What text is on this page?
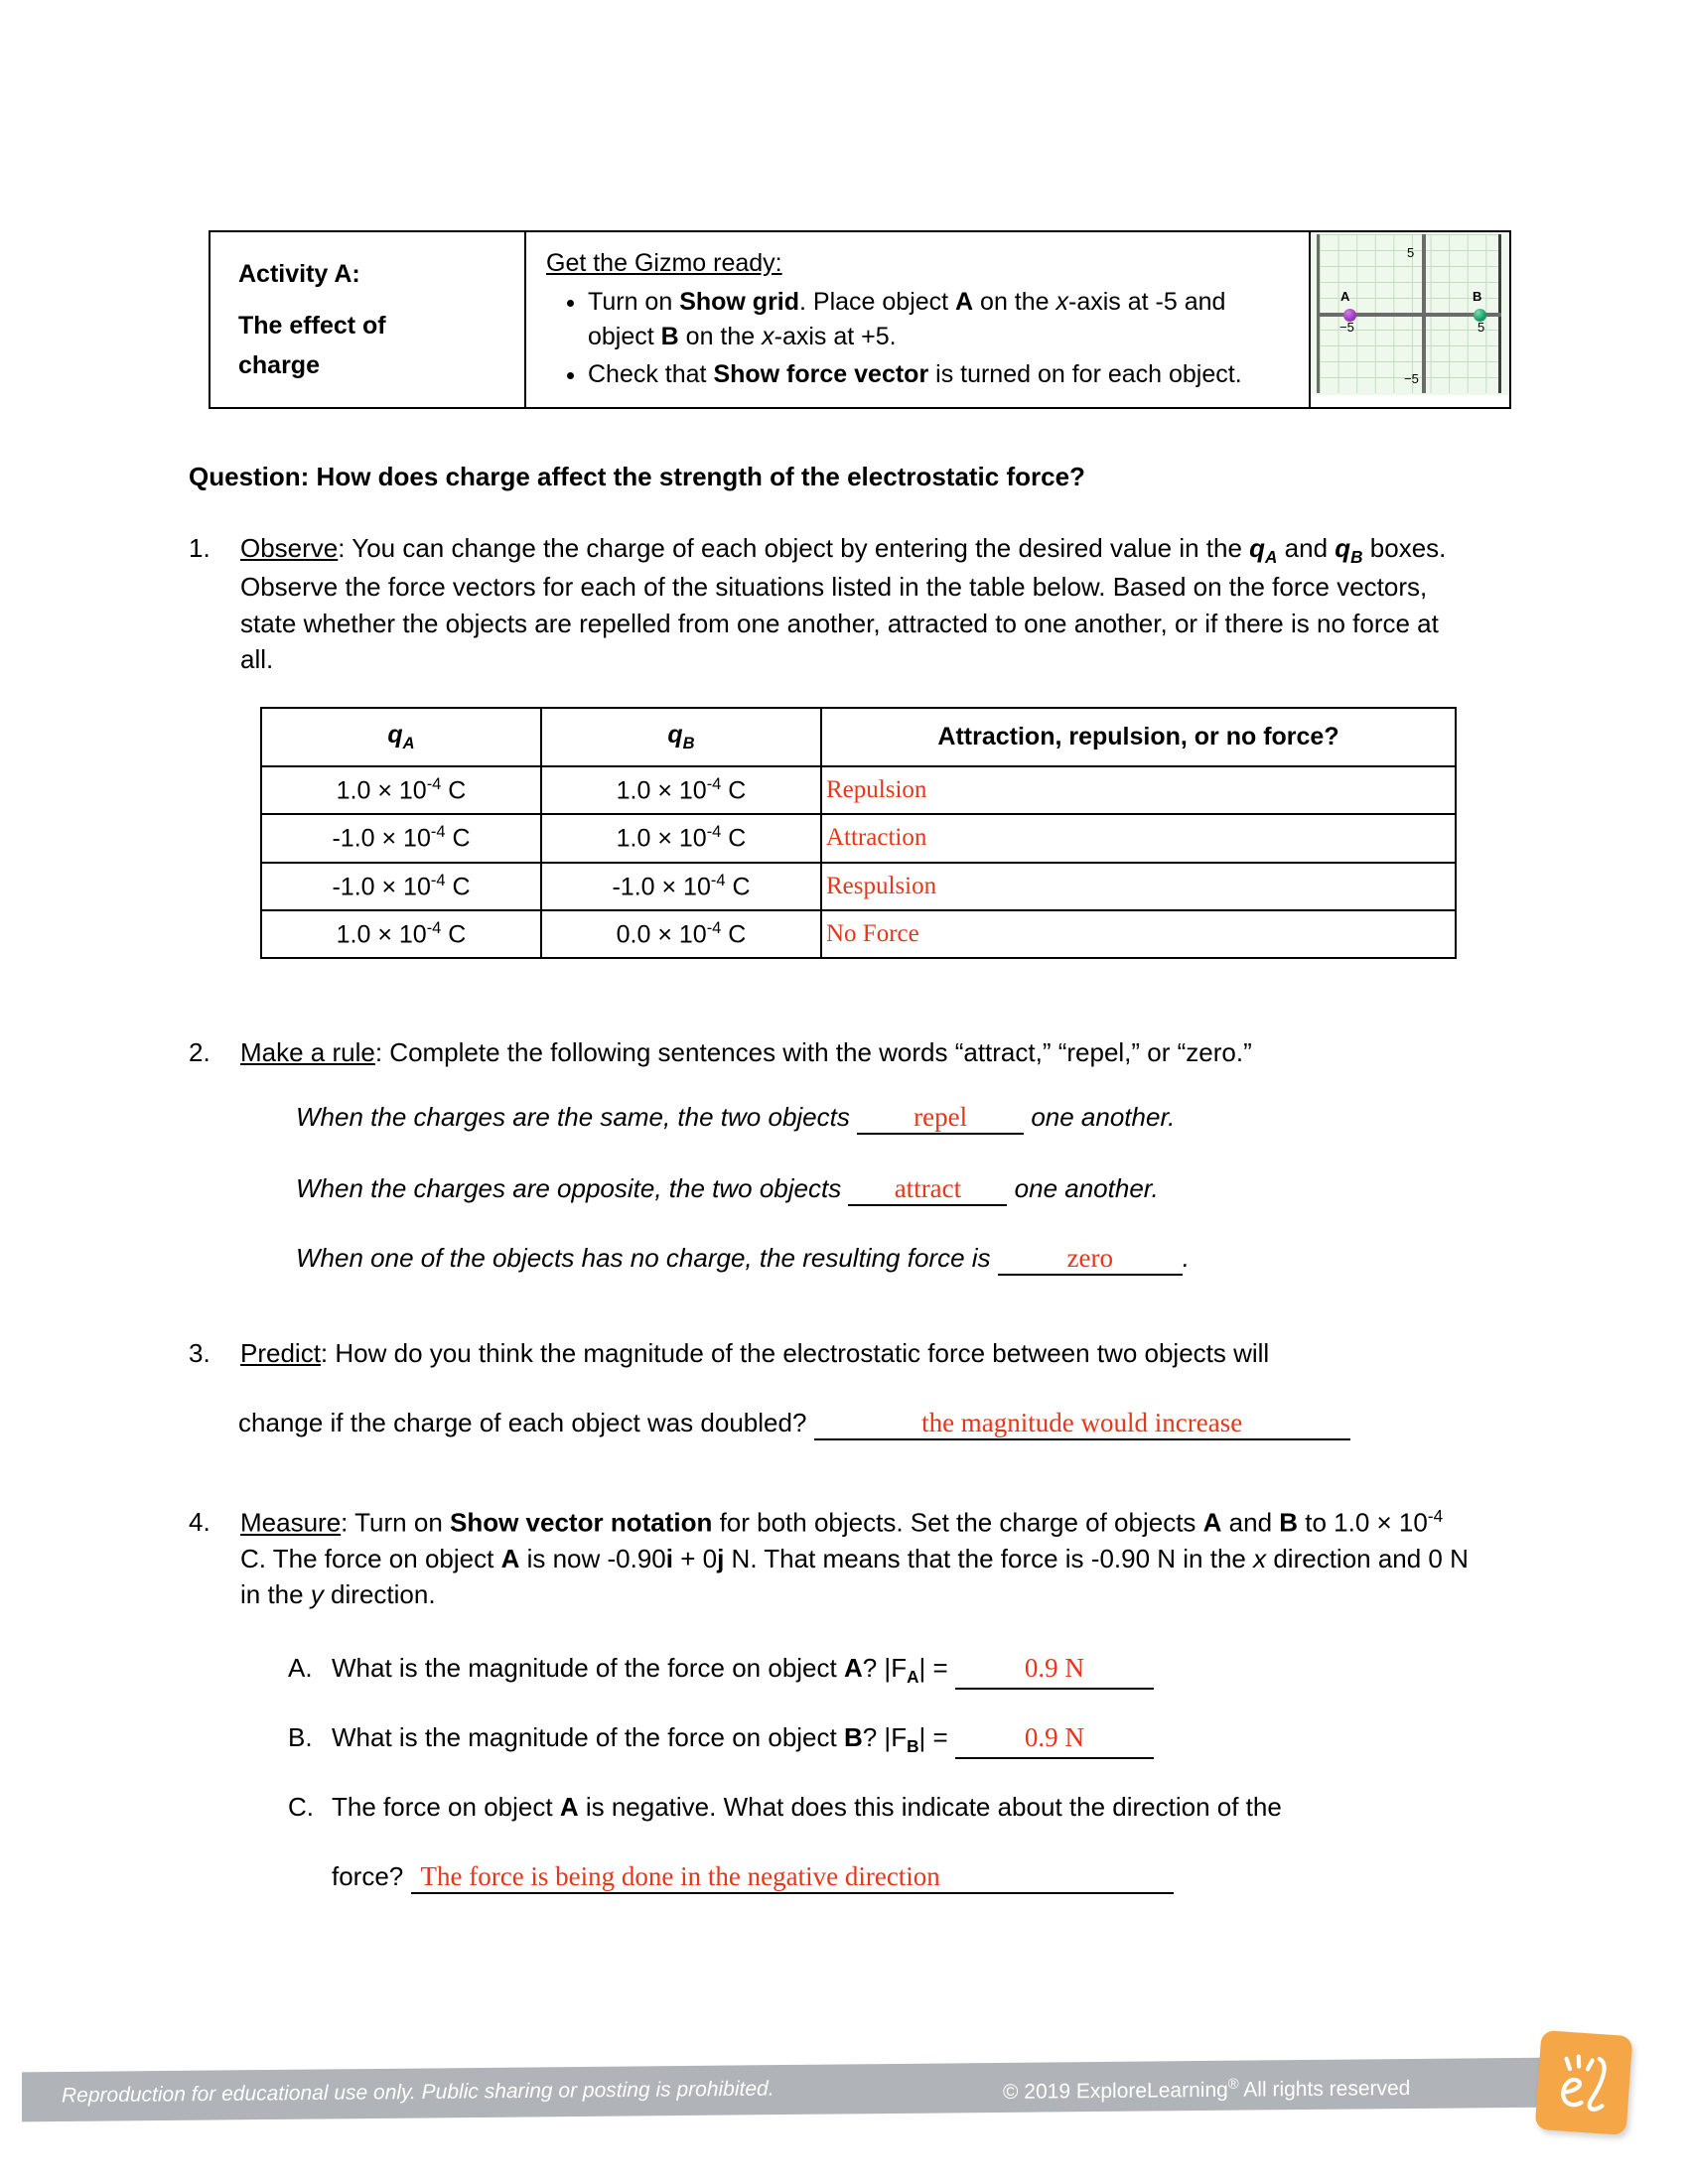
Activity A:
The effect of
charge

Get the Gizmo ready:
• Turn on Show grid. Place object A on the x-axis at -5 and object B on the x-axis at +5.
• Check that Show force vector is turned on for each object.

A	B
−5	5
5
−5
Question: How does charge affect the strength of the electrostatic force?
1.	Observe: You can change the charge of each object by entering the desired value in the $q_A$ and $q_B$ boxes. Observe the force vectors for each of the situations listed in the table below. Based on the force vectors, state whether the objects are repelled from one another, attracted to one another, or if there is no force at all.
$q_A$	$q_B$	Attraction, repulsion, or no force?
$1.0 \times 10^{-4}$ C	$1.0 \times 10^{-4}$ C	Repulsion
$-1.0 \times 10^{-4}$ C	$1.0 \times 10^{-4}$ C	Attraction
$-1.0 \times 10^{-4}$ C	$-1.0 \times 10^{-4}$ C	Respulsion
$1.0 \times 10^{-4}$ C	$0.0 \times 10^{-4}$ C	No Force
2.	Make a rule: Complete the following sentences with the words “attract,” “repel,” or “zero.”
When the charges are the same, the two objects repel one another.
When the charges are opposite, the two objects attract one another.
When one of the objects has no charge, the resulting force is	zero	.
3.	Predict: How do you think the magnitude of the electrostatic force between two objects will
change if the charge of each object was doubled?	the magnitude would increase
4.	Measure: Turn on Show vector notation for both objects. Set the charge of objects A and B to $1.0 \times 10^{-4}$ C. The force on object A is now -0.90i + 0j N. That means that the force is -0.90 N in the x direction and 0 N in the y direction.
A. What is the magnitude of the force on object A? $|F_A|$ =	0.9 N
B. What is the magnitude of the force on object B? $|F_B|$ =	0.9 N
C. The force on object A is negative. What does this indicate about the direction of the
force? The force is being done in the negative direction
Reproduction for educational use only. Public sharing or posting is prohibited.	© 2019 ExploreLearning® All rights reserved
